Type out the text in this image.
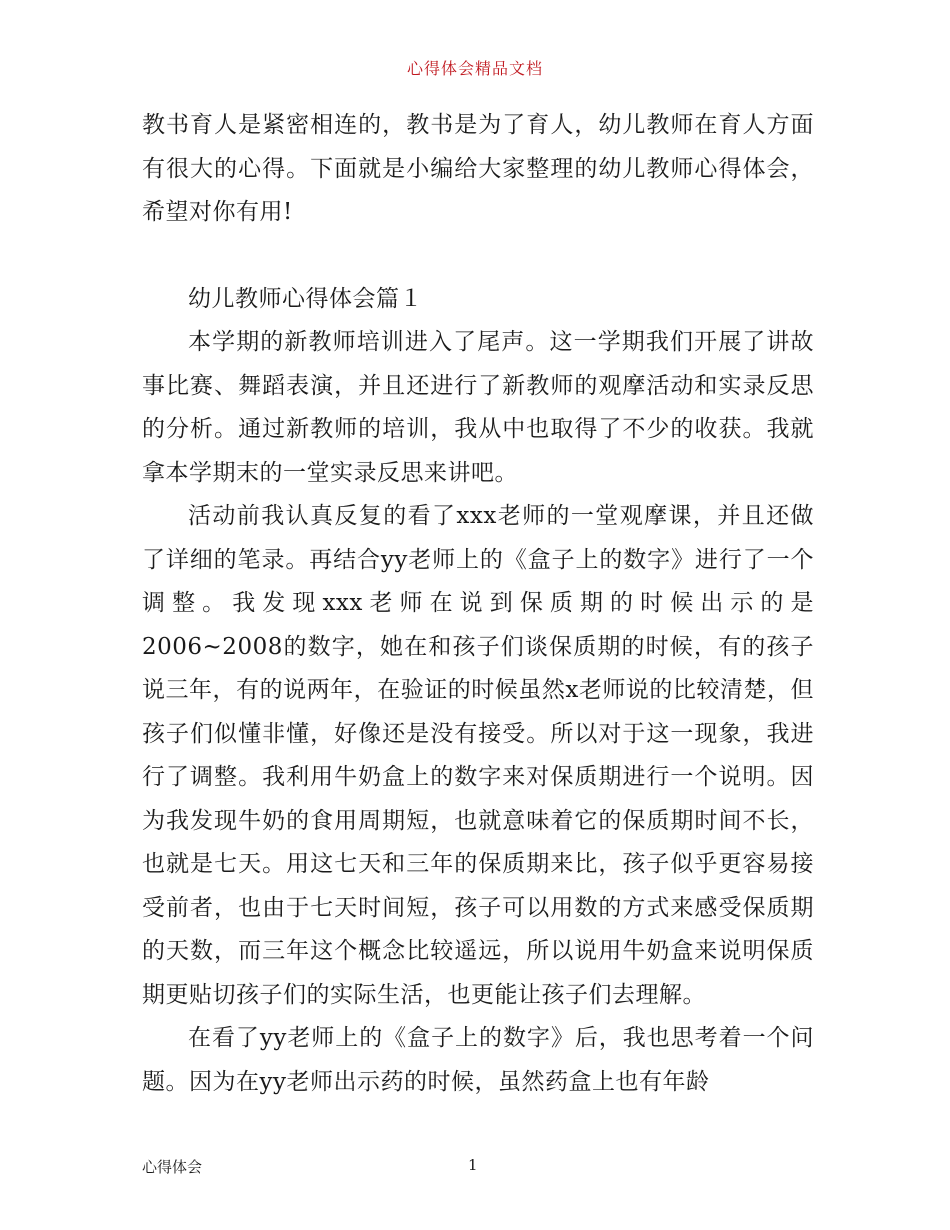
心得体会精品文档

教书育人是紧密相连的，教书是为了育人，幼儿教师在育人方面有很大的心得。下面就是小编给大家整理的幼儿教师心得体会，希望对你有用!

幼儿教师心得体会篇１

本学期的新教师培训进入了尾声。这一学期我们开展了讲故事比赛、舞蹈表演，并且还进行了新教师的观摩活动和实录反思的分析。通过新教师的培训，我从中也取得了不少的收获。我就拿本学期末的一堂实录反思来讲吧。

活动前我认真反复的看了xxx老师的一堂观摩课，并且还做了详细的笔录。再结合yy老师上的《盒子上的数字》进行了一个调整。我发现xxx老师在说到保质期的时候出示的是2006~2008的数字，她在和孩子们谈保质期的时候，有的孩子说三年，有的说两年，在验证的时候虽然x老师说的比较清楚，但孩子们似懂非懂，好像还是没有接受。所以对于这一现象，我进行了调整。我利用牛奶盒上的数字来对保质期进行一个说明。因为我发现牛奶的食用周期短，也就意味着它的保质期时间不长，也就是七天。用这七天和三年的保质期来比，孩子似乎更容易接受前者，也由于七天时间短，孩子可以用数的方式来感受保质期的天数，而三年这个概念比较遥远，所以说用牛奶盒来说明保质期更贴切孩子们的实际生活，也更能让孩子们去理解。

在看了yy老师上的《盒子上的数字》后，我也思考着一个问题。因为在yy老师出示药的时候，虽然药盒上也有年龄

心得体会	1
